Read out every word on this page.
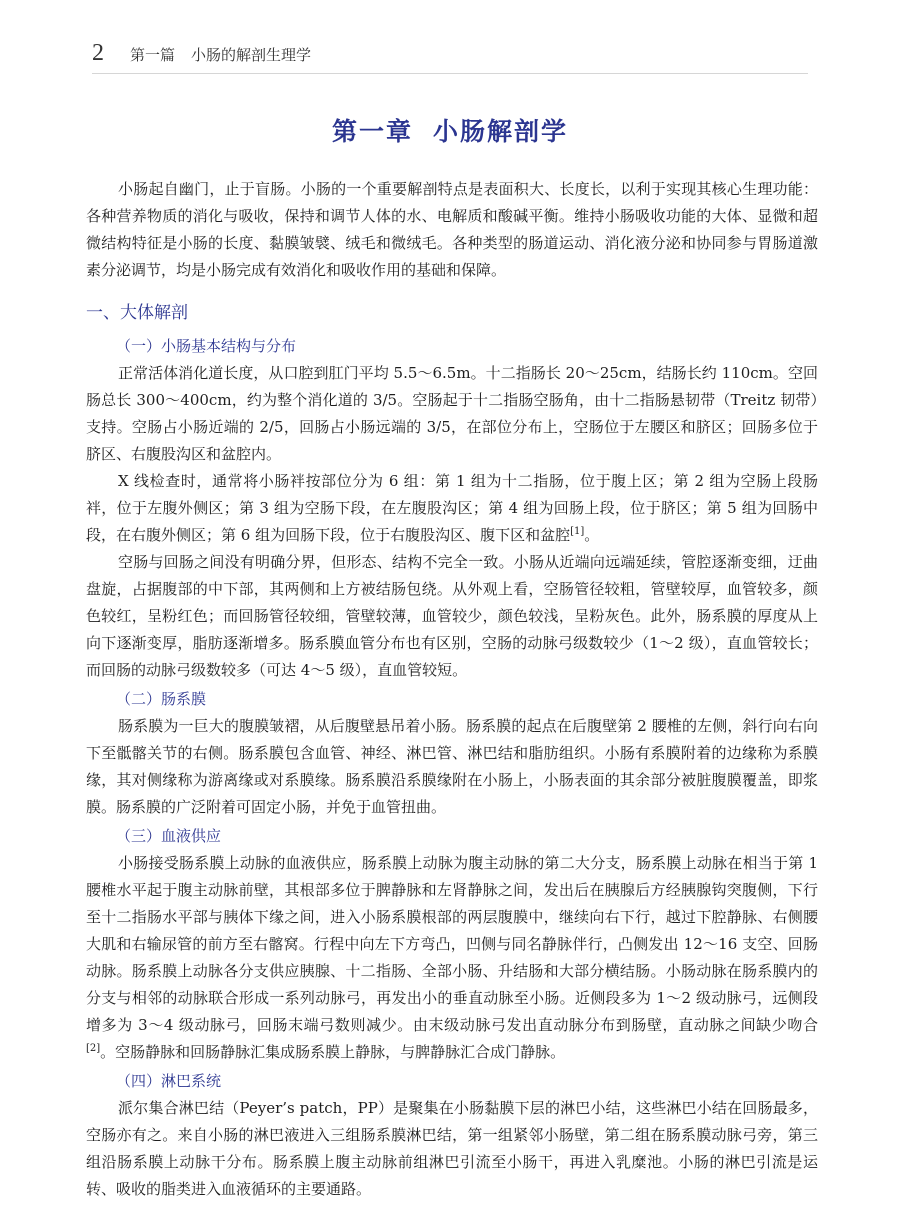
2 第一篇 小肠的解剖生理学
第一章 小肠解剖学

小肠起自幽门，止于盲肠。小肠的一个重要解剖特点是表面积大、长度长，以利于实现其核心生理功能：各种营养物质的消化与吸收，保持和调节人体的水、电解质和酸碱平衡。维持小肠吸收功能的大体、显微和超微结构特征是小肠的长度、黏膜皱襞、绒毛和微绒毛。各种类型的肠道运动、消化液分泌和协同参与胃肠道激素分泌调节，均是小肠完成有效消化和吸收作用的基础和保障。

一、大体解剖
（一）小肠基本结构与分布

正常活体消化道长度，从口腔到肛门平均 5.5～6.5m。十二指肠长 20～25cm，结肠长约 110cm。空回肠总长 300～400cm，约为整个消化道的 3/5。空肠起于十二指肠空肠角，由十二指肠悬韧带（Treitz 韧带）支持。空肠占小肠近端的 2/5，回肠占小肠远端的 3/5，在部位分布上，空肠位于左腰区和脐区；回肠多位于脐区、右腹股沟区和盆腔内。

X 线检查时，通常将小肠袢按部位分为 6 组：第 1 组为十二指肠，位于腹上区；第 2 组为空肠上段肠袢，位于左腹外侧区；第 3 组为空肠下段，在左腹股沟区；第 4 组为回肠上段，位于脐区；第 5 组为回肠中段，在右腹外侧区；第 6 组为回肠下段，位于右腹股沟区、腹下区和盆腔[1]。

空肠与回肠之间没有明确分界，但形态、结构不完全一致。小肠从近端向远端延续，管腔逐渐变细，迂曲盘旋，占据腹部的中下部，其两侧和上方被结肠包绕。从外观上看，空肠管径较粗，管壁较厚，血管较多，颜色较红，呈粉红色；而回肠管径较细，管壁较薄，血管较少，颜色较浅，呈粉灰色。此外，肠系膜的厚度从上向下逐渐变厚，脂肪逐渐增多。肠系膜血管分布也有区别，空肠的动脉弓级数较少（1～2 级），直血管较长；而回肠的动脉弓级数较多（可达 4～5 级），直血管较短。

（二）肠系膜

肠系膜为一巨大的腹膜皱褶，从后腹壁悬吊着小肠。肠系膜的起点在后腹壁第 2 腰椎的左侧，斜行向右向下至骶髂关节的右侧。肠系膜包含血管、神经、淋巴管、淋巴结和脂肪组织。小肠有系膜附着的边缘称为系膜缘，其对侧缘称为游离缘或对系膜缘。肠系膜沿系膜缘附在小肠上，小肠表面的其余部分被脏腹膜覆盖，即浆膜。肠系膜的广泛附着可固定小肠，并免于血管扭曲。

（三）血液供应

小肠接受肠系膜上动脉的血液供应，肠系膜上动脉为腹主动脉的第二大分支，肠系膜上动脉在相当于第 1 腰椎水平起于腹主动脉前壁，其根部多位于脾静脉和左肾静脉之间，发出后在胰腺后方经胰腺钩突腹侧，下行至十二指肠水平部与胰体下缘之间，进入小肠系膜根部的两层腹膜中，继续向右下行，越过下腔静脉、右侧腰大肌和右输尿管的前方至右髂窝。行程中向左下方弯凸，凹侧与同名静脉伴行，凸侧发出 12～16 支空、回肠动脉。肠系膜上动脉各分支供应胰腺、十二指肠、全部小肠、升结肠和大部分横结肠。小肠动脉在肠系膜内的分支与相邻的动脉联合形成一系列动脉弓，再发出小的垂直动脉至小肠。近侧段多为 1～2 级动脉弓，远侧段增多为 3～4 级动脉弓，回肠末端弓数则减少。由末级动脉弓发出直动脉分布到肠壁，直动脉之间缺少吻合[2]。空肠静脉和回肠静脉汇集成肠系膜上静脉，与脾静脉汇合成门静脉。

（四）淋巴系统

派尔集合淋巴结（Peyer’s patch，PP）是聚集在小肠黏膜下层的淋巴小结，这些淋巴小结在回肠最多，空肠亦有之。来自小肠的淋巴液进入三组肠系膜淋巴结，第一组紧邻小肠壁，第二组在肠系膜动脉弓旁，第三组沿肠系膜上动脉干分布。肠系膜上腹主动脉前组淋巴引流至小肠干，再进入乳糜池。小肠的淋巴引流是运转、吸收的脂类进入血液循环的主要通路。
